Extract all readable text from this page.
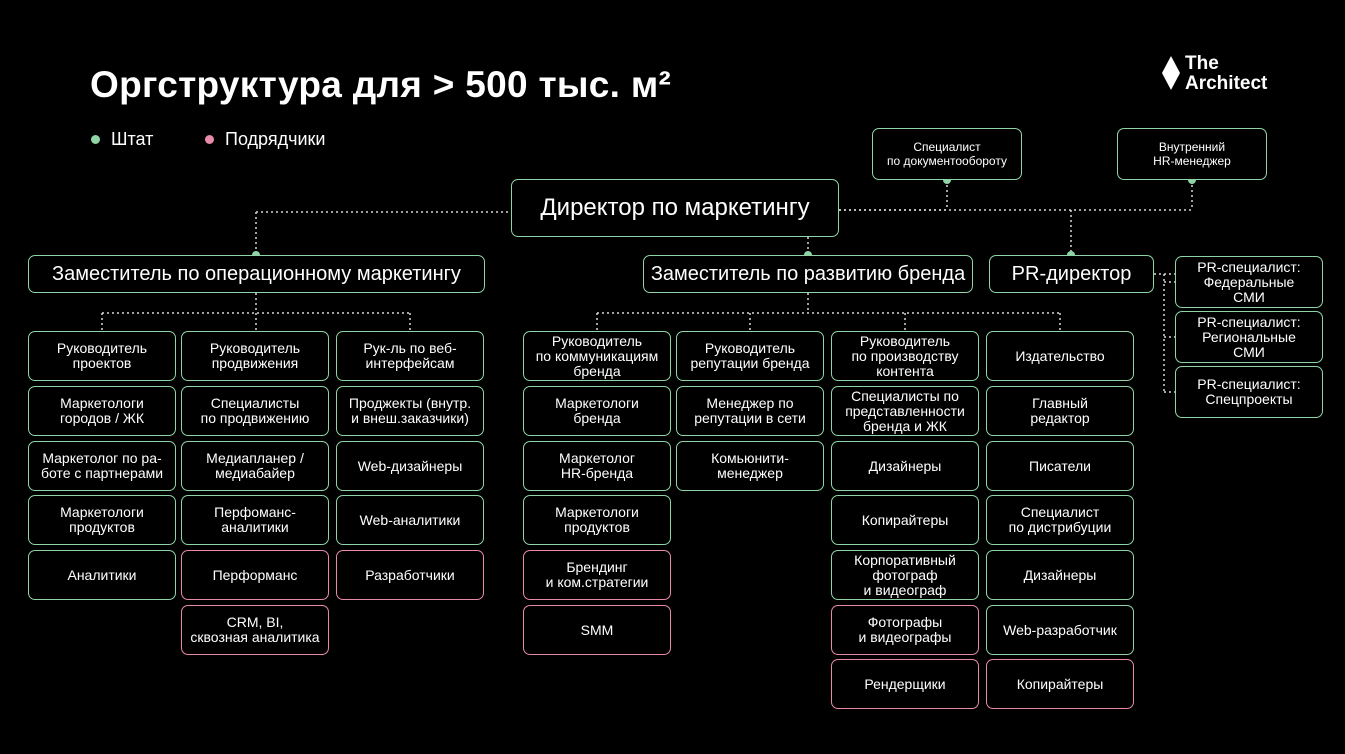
Оргструктура для > 500 тыс. м²
The
Architect
Штат	Подрядчики
Директор по маркетингу
Специалист
по документообороту
Внутренний
HR-менеджер
Заместитель по операционному маркетингу	Заместитель по развитию бренда	PR-директор	PR-специалист:
Федеральные
СМИ
PR-специалист:
Региональные
СМИ
PR-специалист:
Спецпроекты
Руководитель
проектов
Маркетологи
городов / ЖК
Маркетолог по ра-
боте с партнерами
Маркетологи
продуктов
Аналитики
Руководитель
продвижения
Специалисты
по продвижению
Медиапланер /
медиабайер
Перфоманс-
аналитики
Перформанс
CRM, BI,
сквозная аналитика
Рук-ль по веб-
интерфейсам
Проджекты (внутр.
и внеш.заказчики)
Web-дизайнеры
Web-аналитики
Разработчики
Руководитель
по коммуникациям
бренда
Маркетологи
бренда
Маркетолог
HR-бренда
Маркетологи
продуктов
Брендинг
и ком.стратегии
SMM
Руководитель
репутации бренда
Менеджер по
репутации в сети
Комьюнити-
менеджер
Руководитель
по производству
контента
Специалисты по
представленности
бренда и ЖК
Дизайнеры
Копирайтеры
Корпоративный
фотограф
и видеограф
Фотографы
и видеографы
Рендерщики
Издательство
Главный
редактор
Писатели
Специалист
по дистрибуции
Дизайнеры
Web-разработчик
Копирайтеры
